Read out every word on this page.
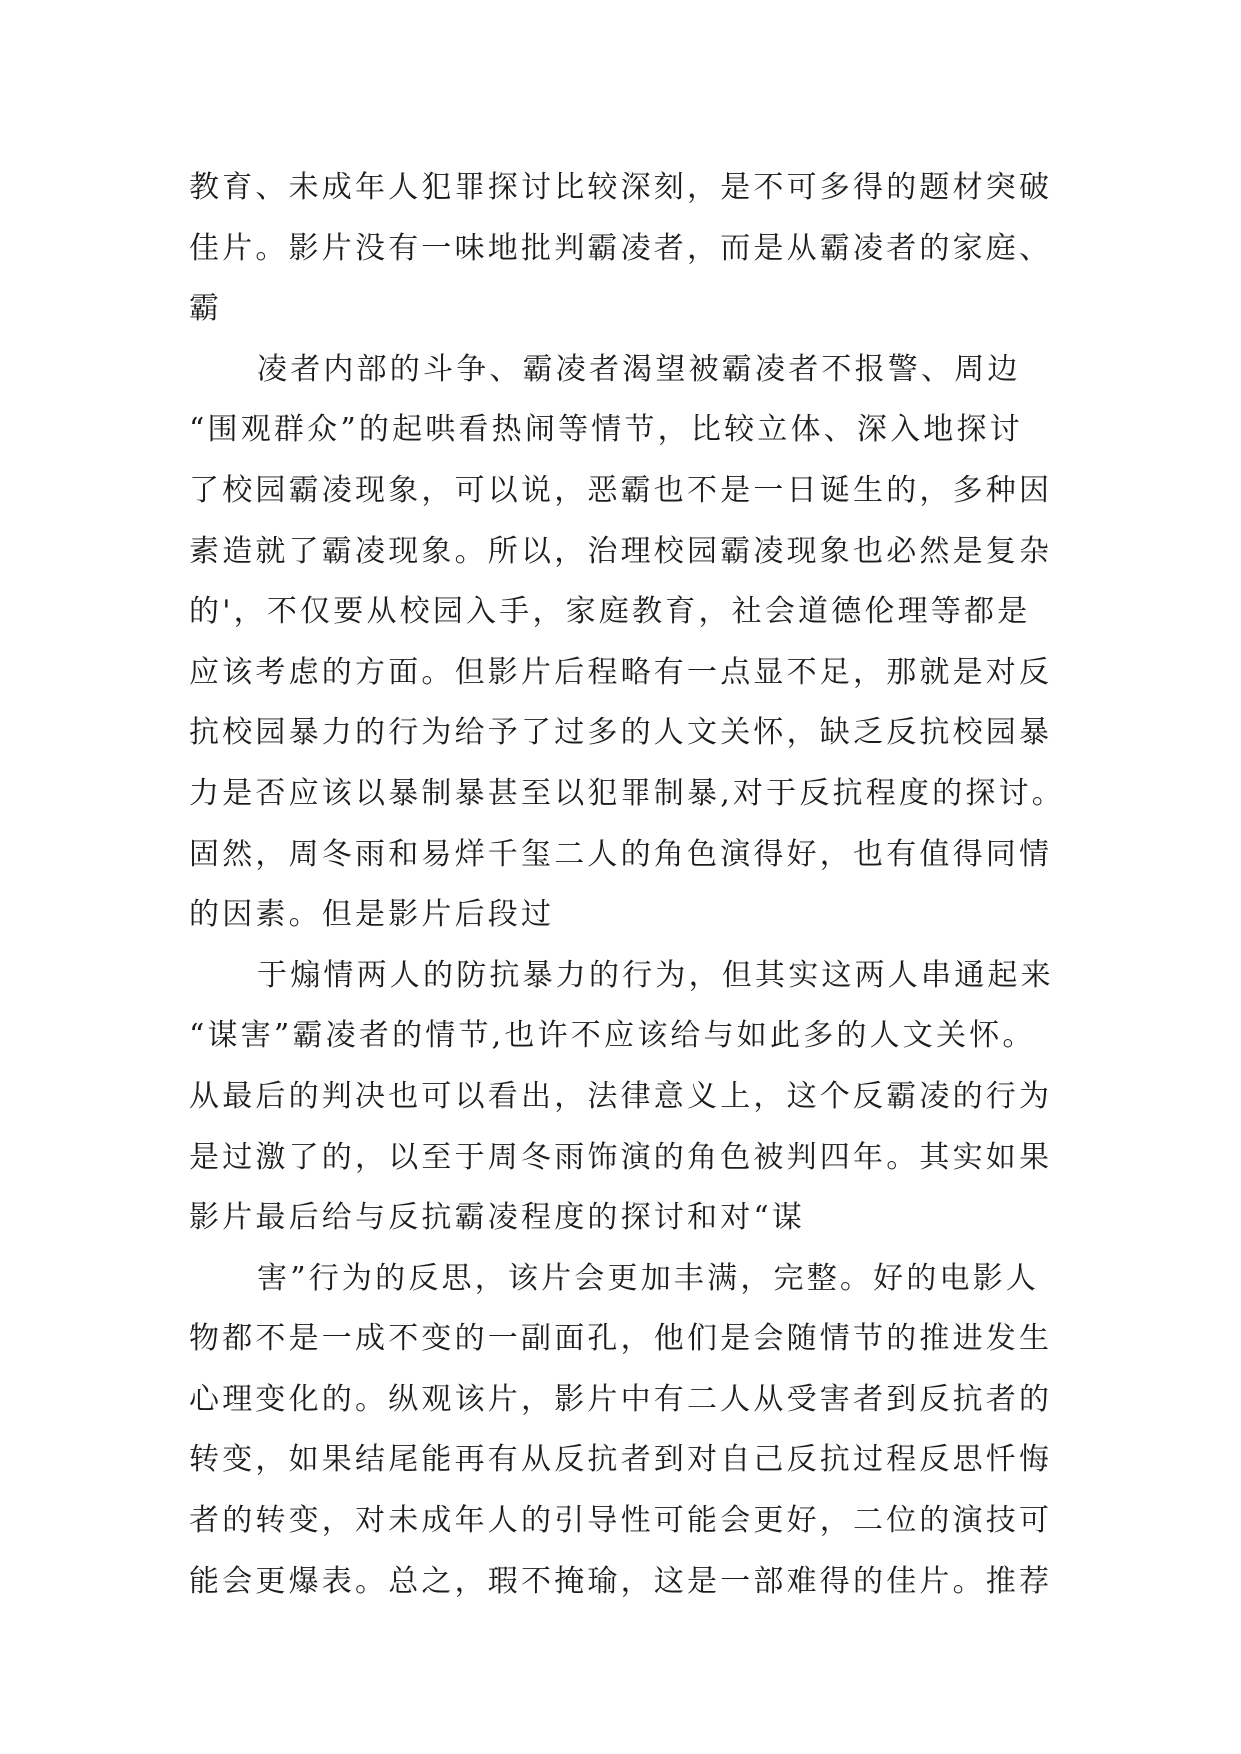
教育、未成年人犯罪探讨比较深刻，是不可多得的题材突破
佳片。影片没有一味地批判霸凌者，而是从霸凌者的家庭、
霸
凌者内部的斗争、霸凌者渴望被霸凌者不报警、周边
“围观群众”的起哄看热闹等情节，比较立体、深入地探讨
了校园霸凌现象，可以说，恶霸也不是一日诞生的，多种因
素造就了霸凌现象。所以，治理校园霸凌现象也必然是复杂
的'，不仅要从校园入手，家庭教育，社会道德伦理等都是
应该考虑的方面。但影片后程略有一点显不足，那就是对反
抗校园暴力的行为给予了过多的人文关怀，缺乏反抗校园暴
力是否应该以暴制暴甚至以犯罪制暴,对于反抗程度的探讨。
固然，周冬雨和易烊千玺二人的角色演得好，也有值得同情
的因素。但是影片后段过
于煽情两人的防抗暴力的行为，但其实这两人串通起来
“谋害”霸凌者的情节,也许不应该给与如此多的人文关怀。
从最后的判决也可以看出，法律意义上，这个反霸凌的行为
是过激了的，以至于周冬雨饰演的角色被判四年。其实如果
影片最后给与反抗霸凌程度的探讨和对“谋
害”行为的反思，该片会更加丰满，完整。好的电影人
物都不是一成不变的一副面孔，他们是会随情节的推进发生
心理变化的。纵观该片，影片中有二人从受害者到反抗者的
转变，如果结尾能再有从反抗者到对自己反抗过程反思忏悔
者的转变，对未成年人的引导性可能会更好，二位的演技可
能会更爆表。总之，瑕不掩瑜，这是一部难得的佳片。推荐
